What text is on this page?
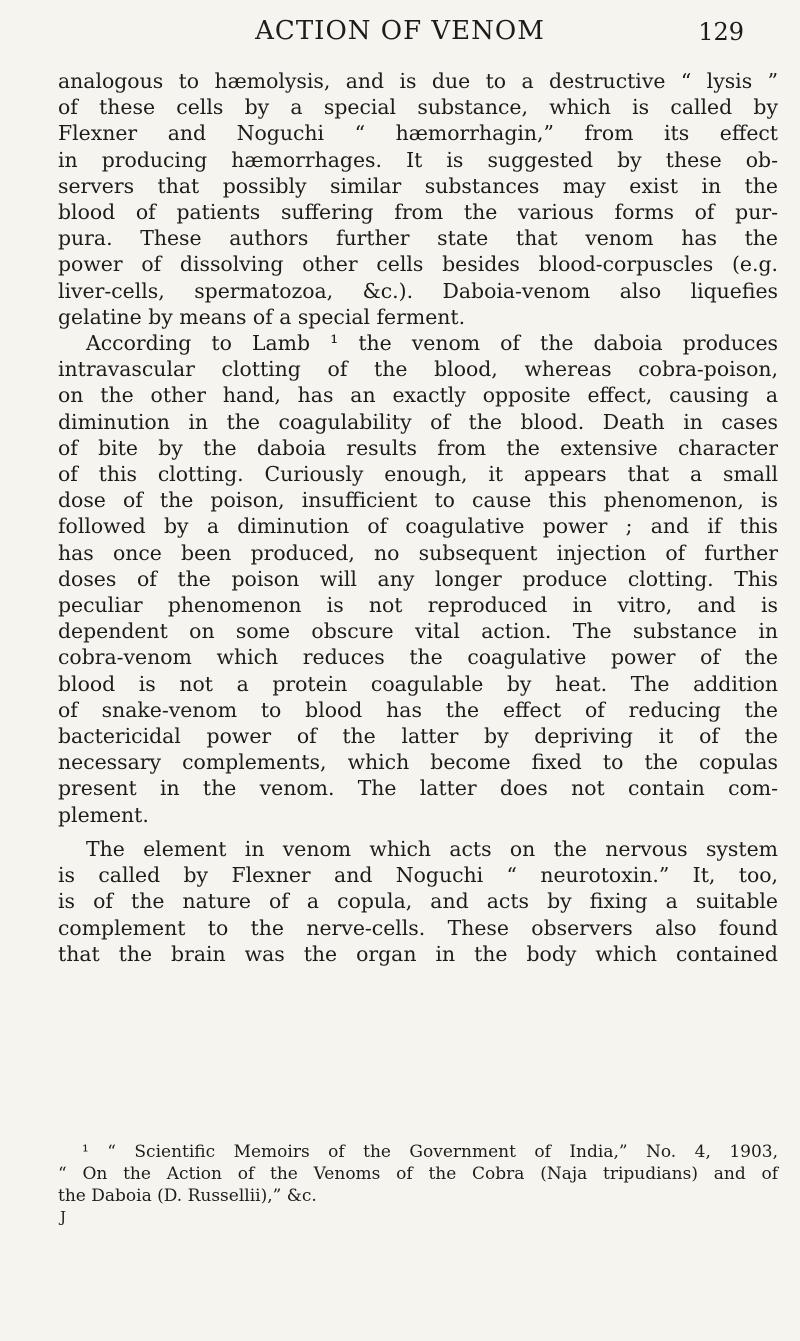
ACTION OF VENOM	129

analogous to hæmolysis, and is due to a destructive “ lysis ”
of these cells by a special substance, which is called by
Flexner and Noguchi “ hæmorrhagin,” from its effect
in producing hæmorrhages. It is suggested by these ob-
servers that possibly similar substances may exist in the
blood of patients suffering from the various forms of pur-
pura. These authors further state that venom has the
power of dissolving other cells besides blood-corpuscles (e.g.
liver-cells, spermatozoa, &c.). Daboia-venom also liquefies
gelatine by means of a special ferment.

According to Lamb ¹ the venom of the daboia produces
intravascular clotting of the blood, whereas cobra-poison,
on the other hand, has an exactly opposite effect, causing a
diminution in the coagulability of the blood. Death in cases
of bite by the daboia results from the extensive character
of this clotting. Curiously enough, it appears that a small
dose of the poison, insufficient to cause this phenomenon, is
followed by a diminution of coagulative power ; and if this
has once been produced, no subsequent injection of further
doses of the poison will any longer produce clotting. This
peculiar phenomenon is not reproduced in vitro, and is
dependent on some obscure vital action. The substance in
cobra-venom which reduces the coagulative power of the
blood is not a protein coagulable by heat. The addition
of snake-venom to blood has the effect of reducing the
bactericidal power of the latter by depriving it of the
necessary complements, which become fixed to the copulas
present in the venom. The latter does not contain com-
plement.

The element in venom which acts on the nervous system
is called by Flexner and Noguchi “ neurotoxin.” It, too,
is of the nature of a copula, and acts by fixing a suitable
complement to the nerve-cells. These observers also found
that the brain was the organ in the body which contained

¹ “ Scientific Memoirs of the Government of India,” No. 4, 1903,
“ On the Action of the Venoms of the Cobra (Naja tripudians) and of
the Daboia (D. Russellii),” &c.
J
